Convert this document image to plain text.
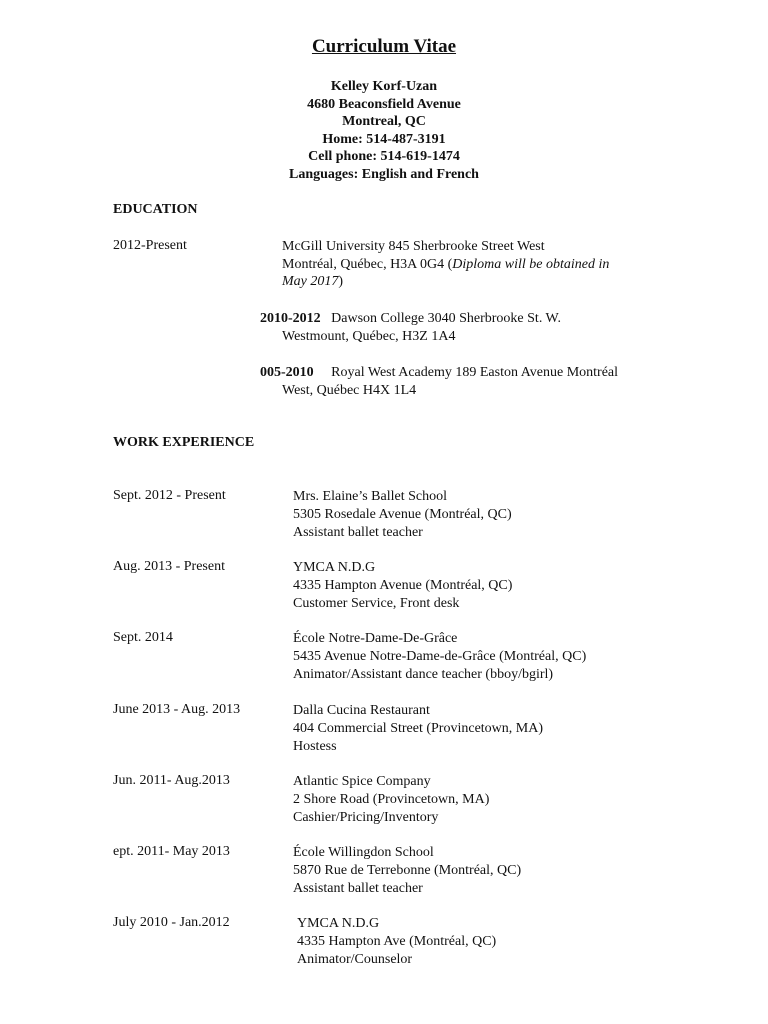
Curriculum Vitae
Kelley Korf-Uzan
4680 Beaconsfield Avenue
Montreal, QC
Home: 514-487-3191
Cell phone: 514-619-1474
Languages: English and French
EDUCATION
2012-Present	McGill University 845 Sherbrooke Street West
Montréal, Québec, H3A 0G4 (Diploma will be obtained in
May 2017)
2010-2012 Dawson College 3040 Sherbrooke St. W.
Westmount, Québec, H3Z 1A4
005-2010 Royal West Academy 189 Easton Avenue Montréal
West, Québec H4X 1L4
WORK EXPERIENCE
Sept. 2012 - Present	Mrs. Elaine’s Ballet School
5305 Rosedale Avenue (Montréal, QC)
Assistant ballet teacher
Aug. 2013 - Present	YMCA N.D.G
4335 Hampton Avenue (Montréal, QC)
Customer Service, Front desk
Sept. 2014	École Notre-Dame-De-Grâce
5435 Avenue Notre-Dame-de-Grâce (Montréal, QC)
Animator/Assistant dance teacher (bboy/bgirl)
June 2013 - Aug. 2013	Dalla Cucina Restaurant
404 Commercial Street (Provincetown, MA)
Hostess
Jun. 2011- Aug.2013	Atlantic Spice Company
2 Shore Road (Provincetown, MA)
Cashier/Pricing/Inventory
ept. 2011- May 2013	École Willingdon School
5870 Rue de Terrebonne (Montréal, QC)
Assistant ballet teacher
July 2010 - Jan.2012	YMCA N.D.G
4335 Hampton Ave (Montréal, QC)
Animator/Counselor
